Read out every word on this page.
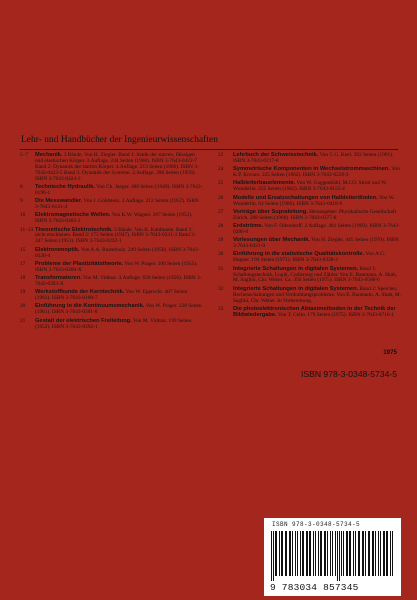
Lehr- und Handbücher der Ingenieurwissenschaften
5–7	Mechanik. 3 Bände. Von H. Ziegler. Band 1: Statik der starren, flüssigen und elastischen Körper. 3.Auflage. 244 Seiten (1968). ISBN 3-7643-0422-7 Band 2: Dynamik der starren Körper. 4.Auflage. 213 Seiten (1966). ISBN 3-7643-0423-5 Band 3: Dynamik der Systeme. 2.Auflage. 396 Seiten (1956). ISBN 3-7643-0424-3
8	Technische Hydraulik. Von Ch. Jaeger. 480 Seiten (1949). ISBN 3-7643-0196-1
9	Die Messwandler. Von J. Goldstein. 2.Auflage. 212 Seiten (1952). ISBN 3-7643-0141-4
10	Elektromagnetische Wellen. Von K.W. Wagner. 267 Seiten (1953). ISBN 3-7643-0402-2
11–13 Theoretische Elektrotechnik. 3 Bände. Von K. Kuhlmann. Band 1: nicht erschienen. Band 2: 173 Seiten (1947). ISBN 3-7643-0231-3 Band 3: 347 Seiten (1951). ISBN 3-7643-0232-1
15	Elektronenoptik. Von A.A. Rusterholz. 249 Seiten (1950). ISBN 3-7643-0320-4
17	Probleme der Plastizitätstheorie. Von W. Prager. 100 Seiten (1955). ISBN 3-7643-0300-X
18	Transformatoren. Von M. Vidmar. 3.Auflage. 630 Seiten (1956). ISBN 3-7643-0393-X
19	Werkstoffkunde der Kerntechnik. Von W. Epprecht. 407 Seiten (1961). ISBN 3-7643-0100-7
20	Einführung in die Kontinuumsmechanik. Von W. Prager. 228 Seiten (1961). ISBN 3-7643-0301-8
21	Gestalt der elektrischen Freileitung. Von M. Vidmar. 199 Seiten (1952). ISBN 3-7643-0392-1
22	Lehrbuch der Schweisstechnik. Von C.G. Keel. 392 Seiten (1961). ISBN 3-7643-0217-8
24	Symmetrische Komponenten in Wechselstrommaschinen. Von K.P. Kovacs. 225 Seiten (1962). ISBN 3-7643-0228-3
25	Halbleiterbauelemente. Von W. Guggenbühl, M.J.O. Strutt und W. Wunderlin. 255 Seiten (1962). ISBN 3-7643-0155-4
26	Modelle und Ersatzschaltungen von Halbleiterdioden. Von W. Wunderlin. 64 Seiten (1966). ISBN 3-7643-0418-9
27	Vorträge über Supraleitung. Herausgeber: Physikalische Gesellschaft Zürich. 208 Seiten (1968). ISBN 3-7643-0377-8
28	Erdströme. Von F. Ollendorff. 2.Auflage. 481 Seiten (1969). ISBN 3-7643-0286-0
29	Vorlesungen über Mechanik. Von H. Ziegler. 445 Seiten (1970). ISBN 3-7643-0421-9
30	Einführung in die statistische Qualitätskontrolle. Von A.G. Hopper. 194 Seiten (1971). ISBN 3-7643-0328-2
31	Integrierte Schaltungen in digitalen Systemen. Band 1: Schaltungstechnik, Logik, Codierung und Zähler. Von E. Baumann, A. Shah, M. Saglini, Chr. Weber. Ca. 350 Seiten (1975). ISBN 3-7643-0588-6
32	Integrierte Schaltungen in digitalen Systemen. Band 2: Speicher, Rechenschaltungen und Verdrahtungsprobleme. Von E. Baumann, A. Shah, M. Saglini, Chr. Weber. In Vorbereitung.
33	Die photoelektronischen Abtastmethoden in der Technik der Bildwiedergabe. Von T. Celio. 179 Seiten (1975). ISBN 3-7643-0716-1
1975
ISBN 978-3-0348-5734-5
ISBN 978-3-0348-5734-5
9 783034 857345
